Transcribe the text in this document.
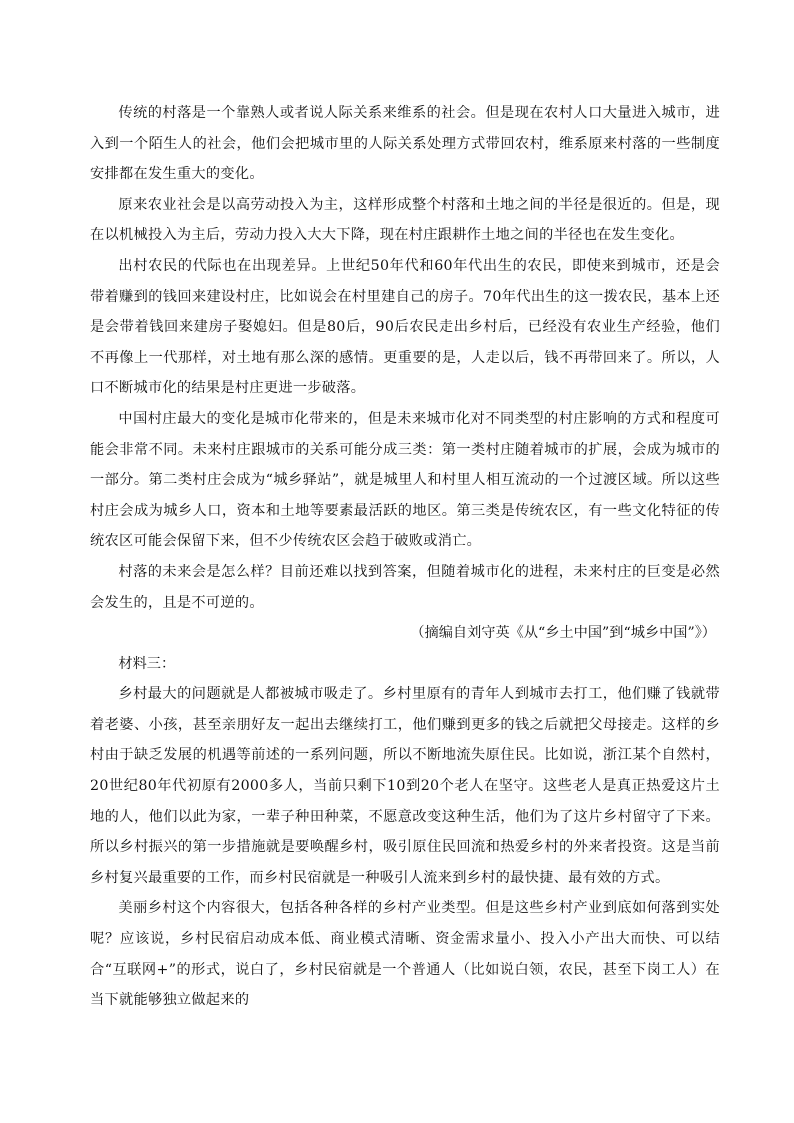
传统的村落是一个靠熟人或者说人际关系来维系的社会。但是现在农村人口大量进入城市，进入到一个陌生人的社会，他们会把城市里的人际关系处理方式带回农村，维系原来村落的一些制度安排都在发生重大的变化。

原来农业社会是以高劳动投入为主，这样形成整个村落和土地之间的半径是很近的。但是，现在以机械投入为主后，劳动力投入大大下降，现在村庄跟耕作土地之间的半径也在发生变化。

出村农民的代际也在出现差异。上世纪50年代和60年代出生的农民，即使来到城市，还是会带着赚到的钱回来建设村庄，比如说会在村里建自己的房子。70年代出生的这一拨农民，基本上还是会带着钱回来建房子娶媳妇。但是80后，90后农民走出乡村后，已经没有农业生产经验，他们不再像上一代那样，对土地有那么深的感情。更重要的是，人走以后，钱不再带回来了。所以，人口不断城市化的结果是村庄更进一步破落。

中国村庄最大的变化是城市化带来的，但是未来城市化对不同类型的村庄影响的方式和程度可能会非常不同。未来村庄跟城市的关系可能分成三类：第一类村庄随着城市的扩展，会成为城市的一部分。第二类村庄会成为“城乡驿站”，就是城里人和村里人相互流动的一个过渡区域。所以这些村庄会成为城乡人口，资本和土地等要素最活跃的地区。第三类是传统农区，有一些文化特征的传统农区可能会保留下来，但不少传统农区会趋于破败或消亡。

村落的未来会是怎么样？目前还难以找到答案，但随着城市化的进程，未来村庄的巨变是必然会发生的，且是不可逆的。

（摘编自刘守英《从“乡土中国”到“城乡中国”》）

材料三：

乡村最大的问题就是人都被城市吸走了。乡村里原有的青年人到城市去打工，他们赚了钱就带着老婆、小孩，甚至亲朋好友一起出去继续打工，他们赚到更多的钱之后就把父母接走。这样的乡村由于缺乏发展的机遇等前述的一系列问题，所以不断地流失原住民。比如说，浙江某个自然村，20世纪80年代初原有2000多人，当前只剩下10到20个老人在坚守。这些老人是真正热爱这片土地的人，他们以此为家，一辈子种田种菜，不愿意改变这种生活，他们为了这片乡村留守了下来。所以乡村振兴的第一步措施就是要唤醒乡村，吸引原住民回流和热爱乡村的外来者投资。这是当前乡村复兴最重要的工作，而乡村民宿就是一种吸引人流来到乡村的最快捷、最有效的方式。

美丽乡村这个内容很大，包括各种各样的乡村产业类型。但是这些乡村产业到底如何落到实处呢？应该说，乡村民宿启动成本低、商业模式清晰、资金需求量小、投入小产出大而快、可以结合“互联网+”的形式，说白了，乡村民宿就是一个普通人（比如说白领，农民，甚至下岗工人）在当下就能够独立做起来的
